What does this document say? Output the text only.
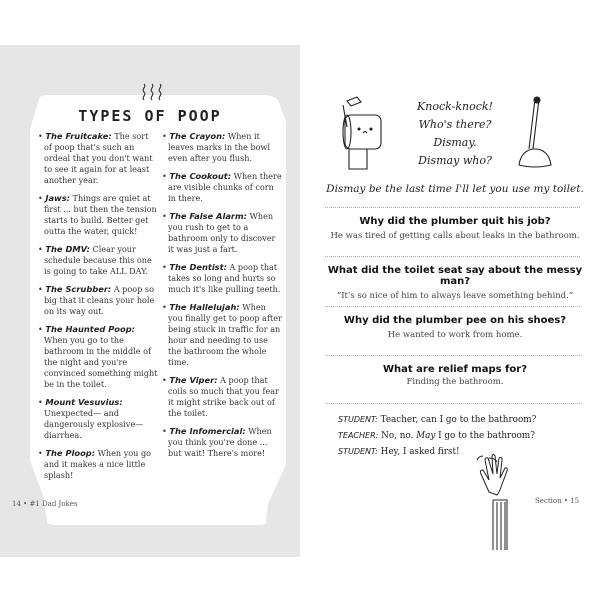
TYPES OF POOP
• The Fruitcake: The sort of poop that's such an ordeal that you don't want to see it again for at least another year.
• Jaws: Things are quiet at first ... but then the tension starts to build. Better get outta the water, quick!
• The DMV: Clear your schedule because this one is going to take ALL DAY.
• The Scrubber: A poop so big that it cleans your hole on its way out.
• The Haunted Poop: When you go to the bathroom in the middle of the night and you're convinced something might be in the toilet.
• Mount Vesuvius: Unexpected— and dangerously explosive—diarrhea.
• The Ploop: When you go and it makes a nice little splash!
• The Crayon: When it leaves marks in the bowl even after you flush.
• The Cookout: When there are visible chunks of corn in there.
• The False Alarm: When you rush to get to a bathroom only to discover it was just a fart.
• The Dentist: A poop that takes so long and hurts so much it's like pulling teeth.
• The Hallelujah: When you finally get to poop after being stuck in traffic for an hour and needing to use the bathroom the whole time.
• The Viper: A poop that coils so much that you fear it might strike back out of the toilet.
• The Infomercial: When you think you're done ... but wait! There's more!
14 • #1 Dad Jokes
Knock-knock!
Who's there?
Dismay.
Dismay who?
Dismay be the last time I'll let you use my toilet.
Why did the plumber quit his job?
He was tired of getting calls about leaks in the bathroom.
What did the toilet seat say about the messy man?
“It's so nice of him to always leave something behind.”
Why did the plumber pee on his shoes?
He wanted to work from home.
What are relief maps for?
Finding the bathroom.
STUDENT: Teacher, can I go to the bathroom?
TEACHER: No, no. May I go to the bathroom?
STUDENT: Hey, I asked first!
Section • 15
